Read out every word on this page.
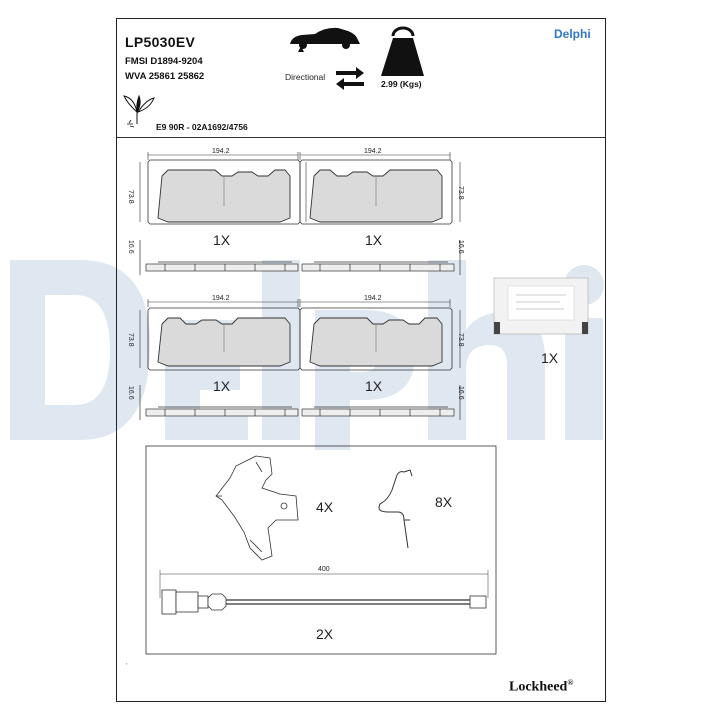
LP5030EV
FMSI D1894-9204
WVA 25861 25862
Delphi
Directional
2.99 (Kgs)
E9 90R - 02A1692/4756
194.2	194.2
73.8	73.8
16.6	16.6
194.2	194.2
73.8	73.8
16.6	16.6
400
1X	1X
1X	1X
1X
4X	8X
2X
’
Lockheed®
